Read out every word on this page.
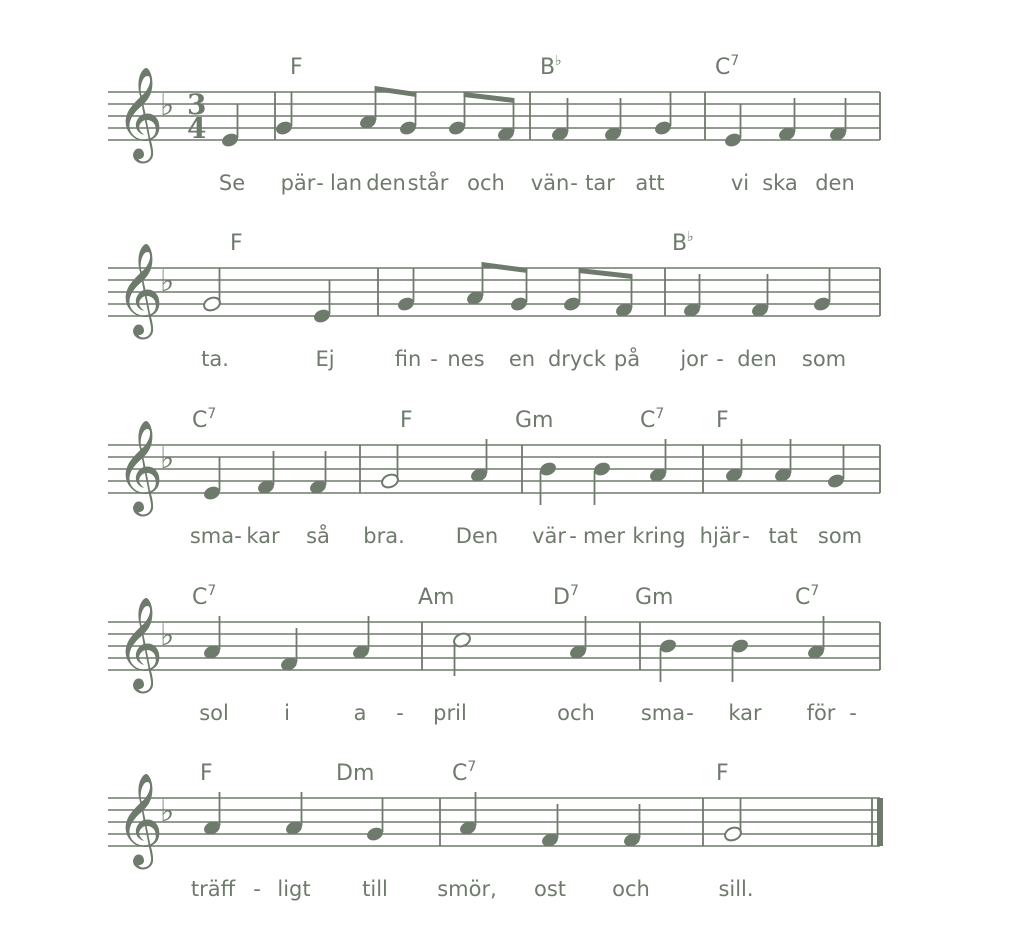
𝄞
♭ 3
4
F	B♭	$C^7$
Se pär - lan den står och vän - tar att	vi ska den
𝄞
♭
F	B♭
ta.	Ej	fin - nes en dryck på jor - den som
𝄞
♭
$C^7$	F	Gm	$C^7$ F
sma - kar så bra. Den vär - mer kring hjär - tat som
𝄞
♭
$C^7$	Am	$D^7$	Gm	$C^7$
sol	i	a - pril	och sma - kar för -
𝄞
♭
F	Dm	$C^7$	F
träff - ligt till smör, ost och	sill.
